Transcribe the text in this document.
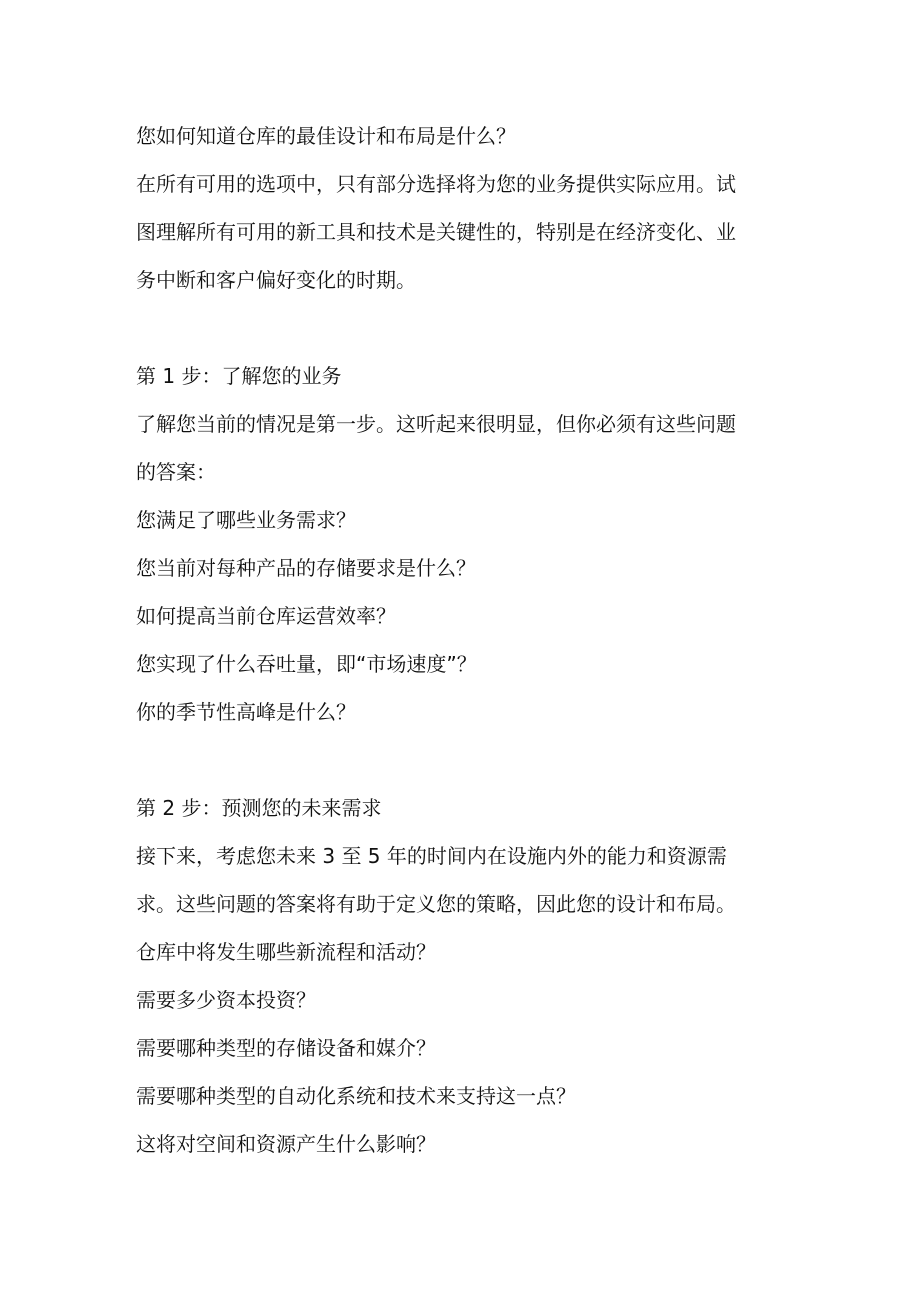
您如何知道仓库的最佳设计和布局是什么？
在所有可用的选项中，只有部分选择将为您的业务提供实际应用。试
图理解所有可用的新工具和技术是关键性的，特别是在经济变化、业
务中断和客户偏好变化的时期。
第 1 步：了解您的业务
了解您当前的情况是第一步。这听起来很明显，但你必须有这些问题
的答案：
您满足了哪些业务需求？
您当前对每种产品的存储要求是什么？
如何提高当前仓库运营效率？
您实现了什么吞吐量，即“市场速度”？
你的季节性高峰是什么？
第 2 步：预测您的未来需求
接下来，考虑您未来 3 至 5 年的时间内在设施内外的能力和资源需
求。这些问题的答案将有助于定义您的策略，因此您的设计和布局。
仓库中将发生哪些新流程和活动？
需要多少资本投资？
需要哪种类型的存储设备和媒介？
需要哪种类型的自动化系统和技术来支持这一点？
这将对空间和资源产生什么影响？
